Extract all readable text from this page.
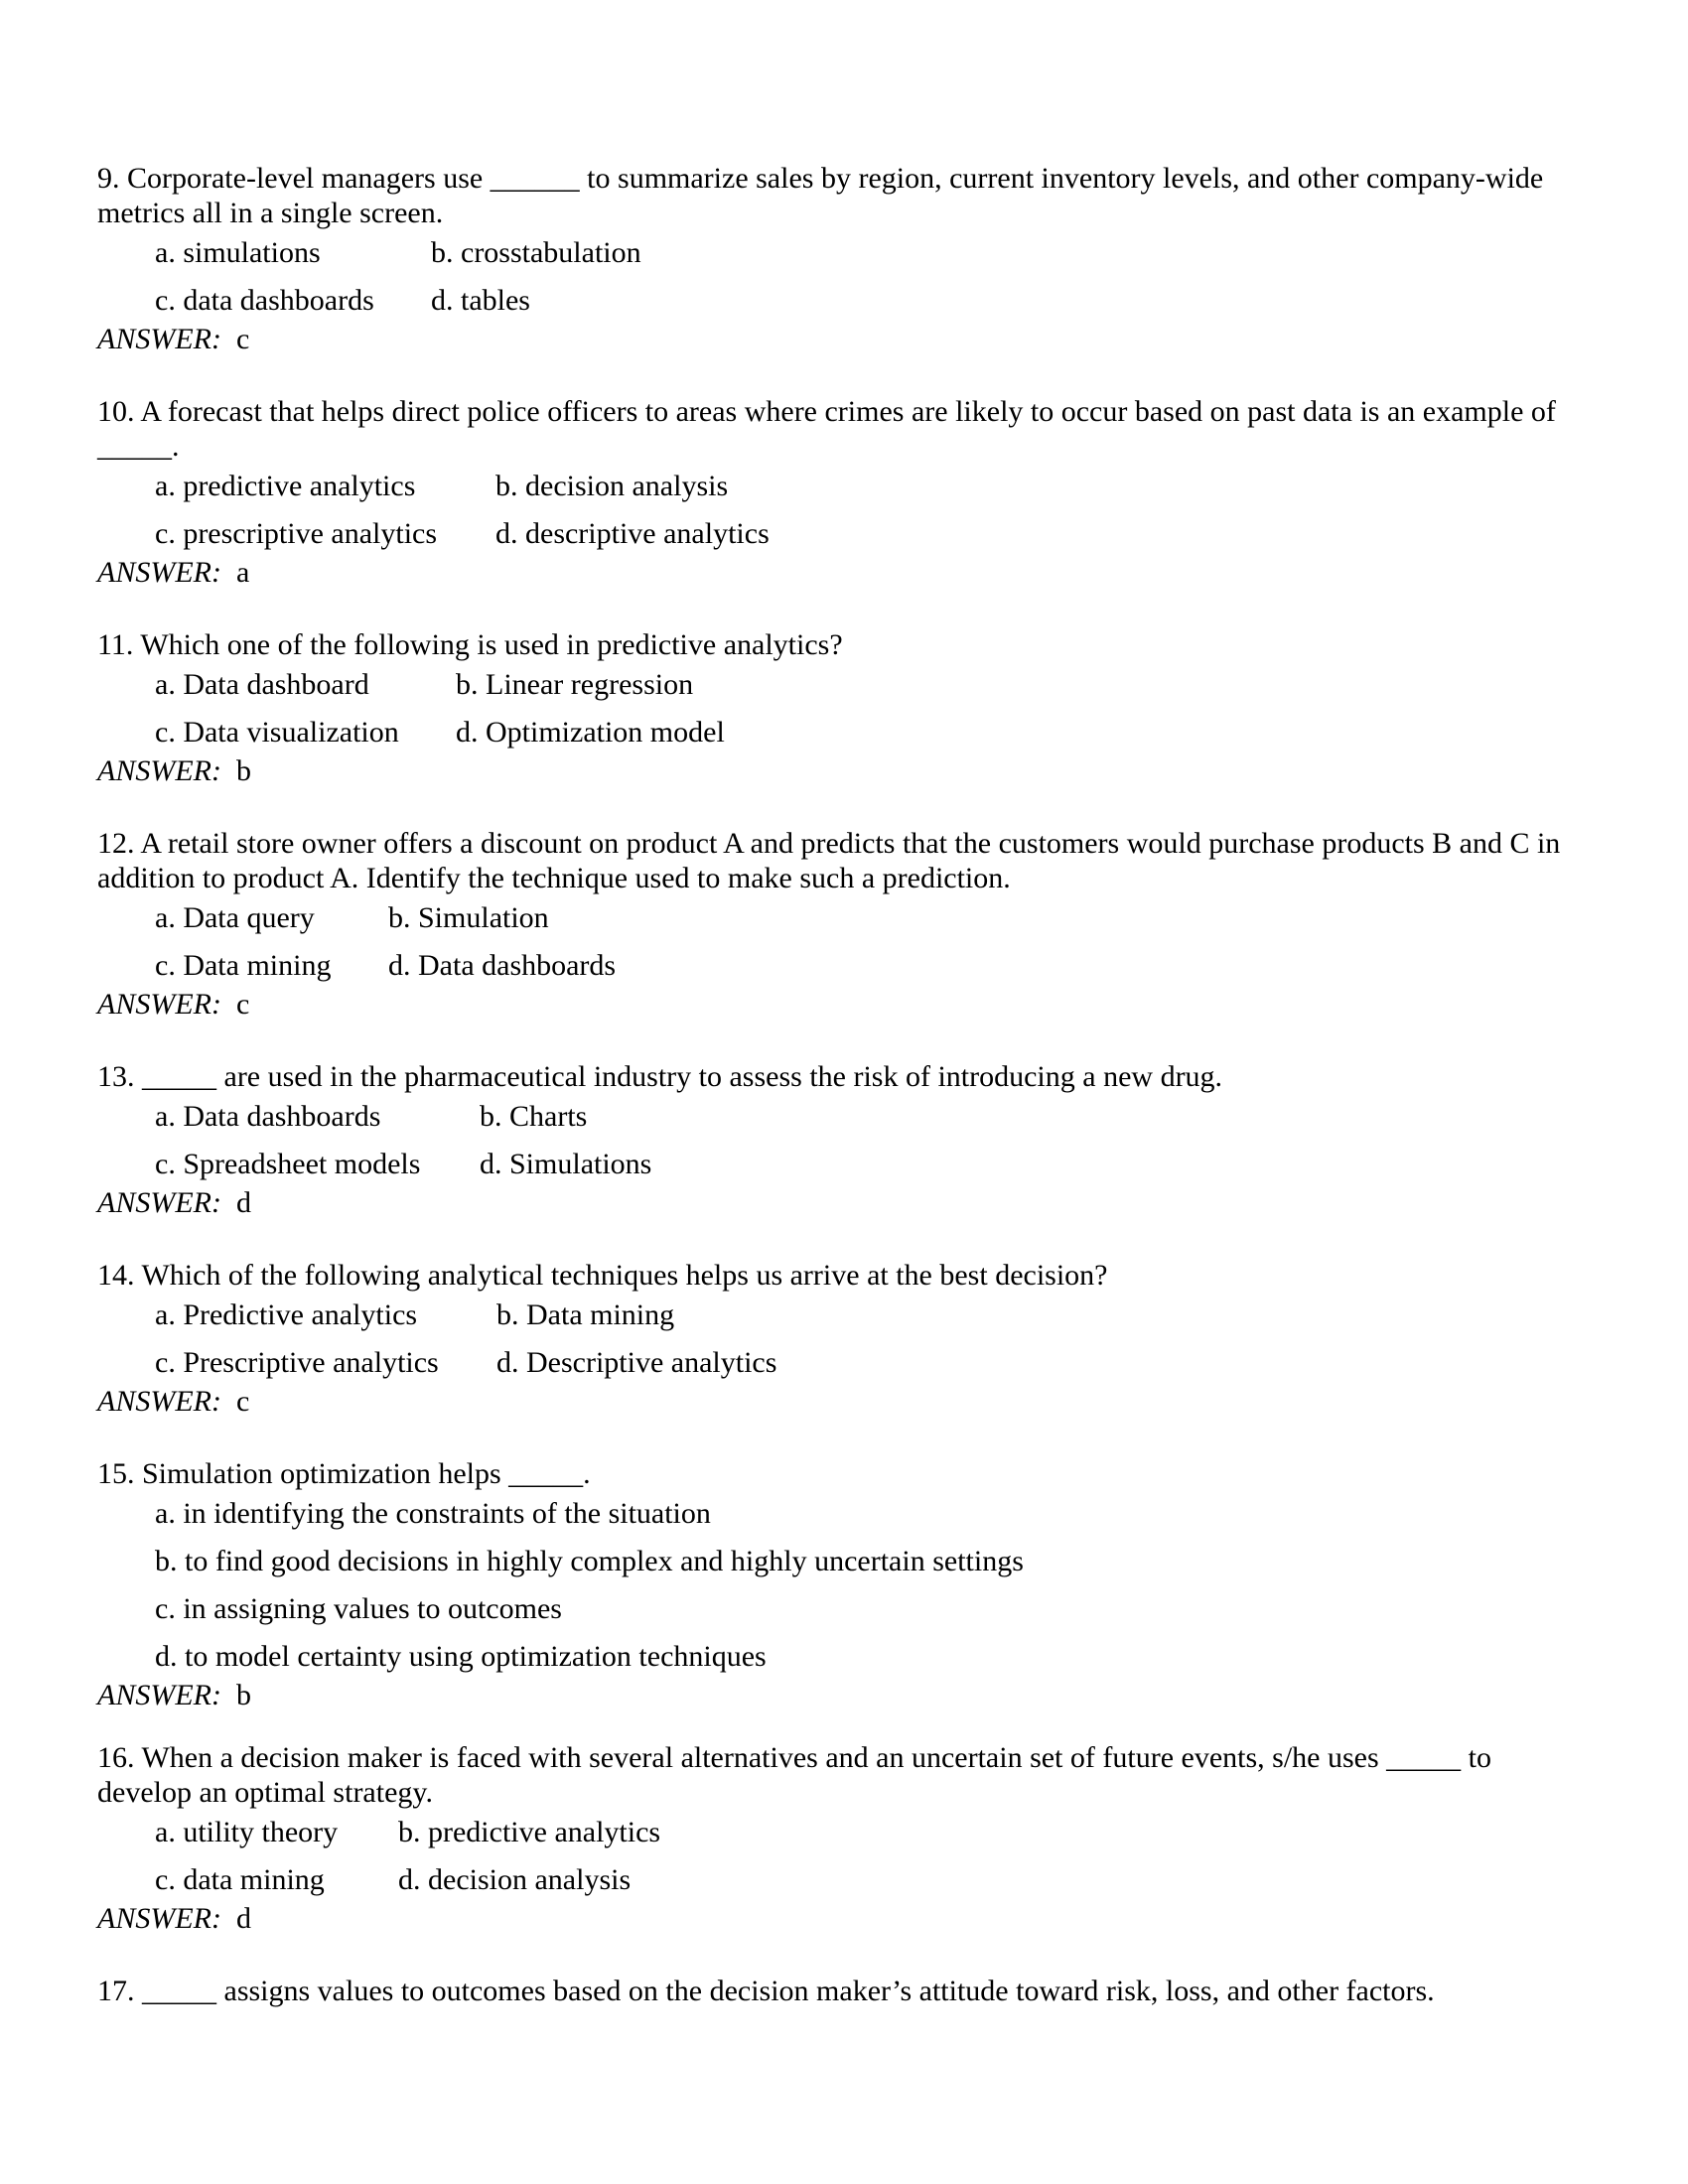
9. Corporate-level managers use ______ to summarize sales by region, current inventory levels, and other company-wide metrics all in a single screen.

a. simulations	b. crosstabulation
c. data dashboards	d. tables
ANSWER: c

10. A forecast that helps direct police officers to areas where crimes are likely to occur based on past data is an example of _____.

a. predictive analytics	b. decision analysis
c. prescriptive analytics	d. descriptive analytics
ANSWER: a

11. Which one of the following is used in predictive analytics?

a. Data dashboard	b. Linear regression
c. Data visualization	d. Optimization model
ANSWER: b

12. A retail store owner offers a discount on product A and predicts that the customers would purchase products B and C in addition to product A. Identify the technique used to make such a prediction.

a. Data query	b. Simulation
c. Data mining	d. Data dashboards
ANSWER: c

13. _____ are used in the pharmaceutical industry to assess the risk of introducing a new drug.

a. Data dashboards	b. Charts
c. Spreadsheet models	d. Simulations
ANSWER: d

14. Which of the following analytical techniques helps us arrive at the best decision?

a. Predictive analytics	b. Data mining
c. Prescriptive analytics	d. Descriptive analytics
ANSWER: c

15. Simulation optimization helps _____.

a. in identifying the constraints of the situation
b. to find good decisions in highly complex and highly uncertain settings
c. in assigning values to outcomes
d. to model certainty using optimization techniques
ANSWER: b

16. When a decision maker is faced with several alternatives and an uncertain set of future events, s/he uses _____ to develop an optimal strategy.

a. utility theory	b. predictive analytics
c. data mining	d. decision analysis
ANSWER: d

17. _____ assigns values to outcomes based on the decision maker’s attitude toward risk, loss, and other factors.
